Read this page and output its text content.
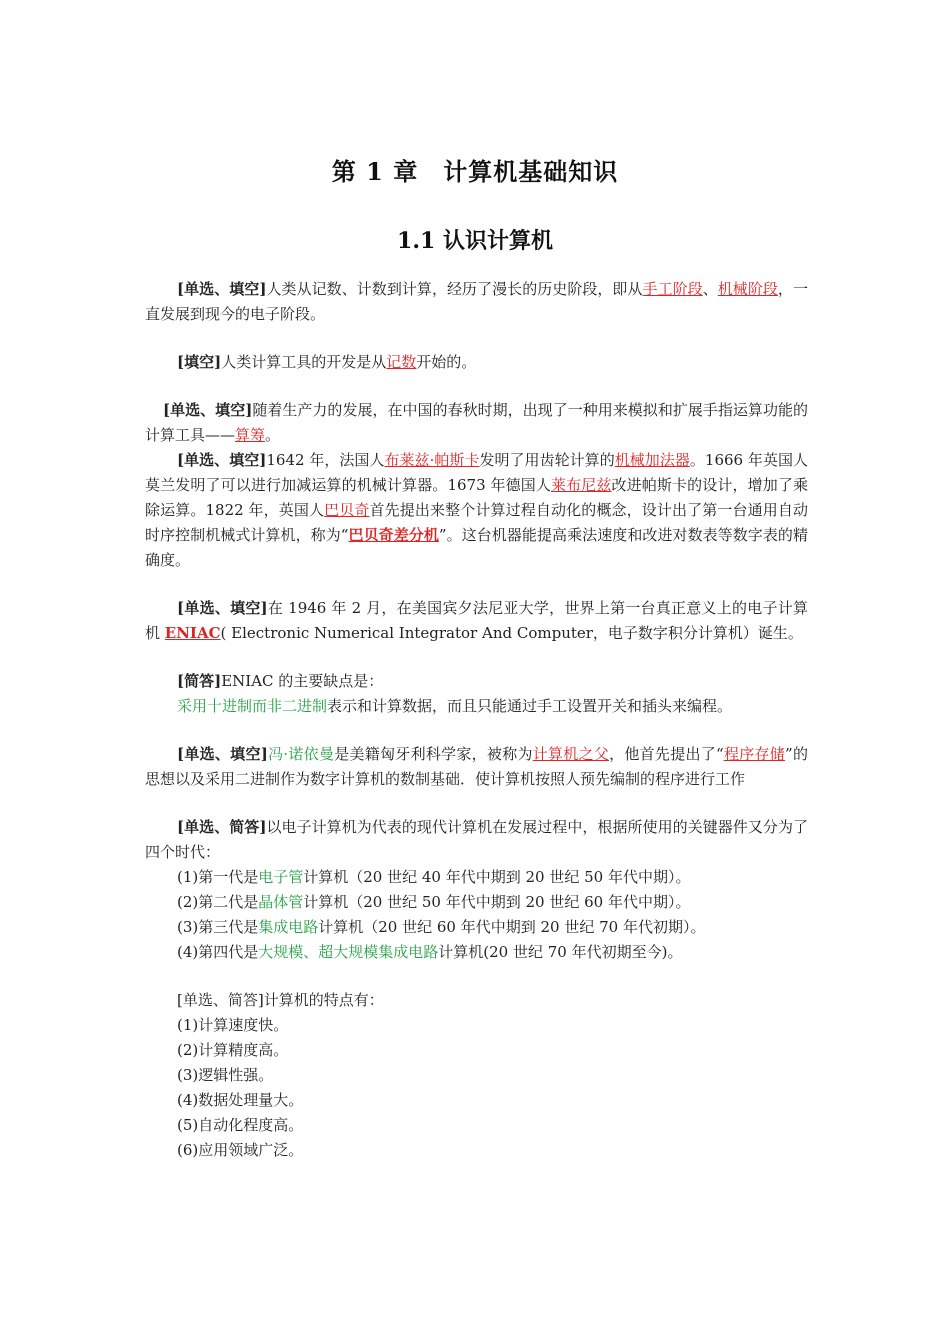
第 1 章　计算机基础知识
1.1 认识计算机

[单选、填空]人类从记数、计数到计算，经历了漫长的历史阶段，即从手工阶段、机械阶段，一直发展到现今的电子阶段。

[填空]人类计算工具的开发是从记数开始的。

[单选、填空]随着生产力的发展，在中国的春秋时期，出现了一种用来模拟和扩展手指运算功能的计算工具——算筹。

[单选、填空]1642 年，法国人布莱兹·帕斯卡发明了用齿轮计算的机械加法器。1666 年英国人莫兰发明了可以进行加减运算的机械计算器。1673 年德国人莱布尼兹改进帕斯卡的设计，增加了乘除运算。1822 年，英国人巴贝奇首先提出来整个计算过程自动化的概念，设计出了第一台通用自动时序控制机械式计算机，称为“巴贝奇差分机”。这台机器能提高乘法速度和改进对数表等数字表的精确度。

[单选、填空]在 1946 年 2 月，在美国宾夕法尼亚大学，世界上第一台真正意义上的电子计算机 ENIAC( Electronic Numerical Integrator And Computer，电子数字积分计算机）诞生。

[简答]ENIAC 的主要缺点是：

采用十进制而非二进制表示和计算数据，而且只能通过手工设置开关和插头来编程。

[单选、填空]冯·诺依曼是美籍匈牙利科学家，被称为计算机之父，他首先提出了“程序存储”的思想以及采用二进制作为数字计算机的数制基础．使计算机按照人预先编制的程序进行工作

[单选、简答]以电子计算机为代表的现代计算机在发展过程中，根据所使用的关键器件又分为了四个时代：

(1)第一代是电子管计算机（20 世纪 40 年代中期到 20 世纪 50 年代中期）。

(2)第二代是晶体管计算机（20 世纪 50 年代中期到 20 世纪 60 年代中期）。

(3)第三代是集成电路计算机（20 世纪 60 年代中期到 20 世纪 70 年代初期）。

(4)第四代是大规模、超大规模集成电路计算机(20 世纪 70 年代初期至今)。

[单选、简答]计算机的特点有：

(1)计算速度快。

(2)计算精度高。

(3)逻辑性强。

(4)数据处理量大。

(5)自动化程度高。

(6)应用领域广泛。
